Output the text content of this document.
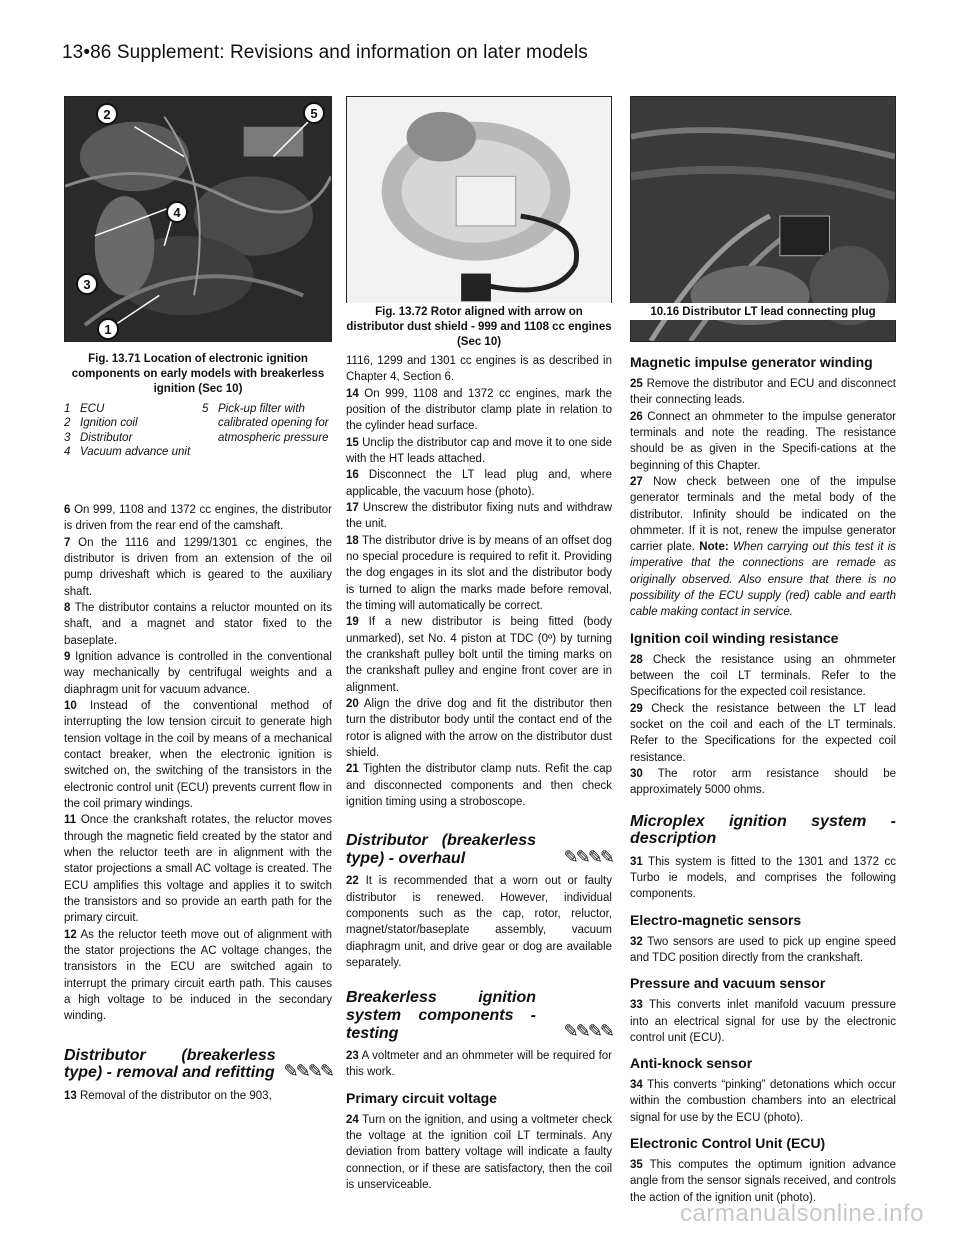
13•86 Supplement: Revisions and information on later models
2	5
4
3
1
Fig. 13.71 Location of electronic ignition components on early models with breakerless ignition (Sec 10)
Fig. 13.72 Rotor aligned with arrow on distributor dust shield - 999 and 1108 cc engines (Sec 10)
10.16 Distributor LT lead connecting plug
1 ECU
2 Ignition coil
3 Distributor
4 Vacuum advance unit
5 Pick-up filter with calibrated opening for atmospheric pressure

6 On 999, 1108 and 1372 cc engines, the distributor is driven from the rear end of the camshaft.

7 On the 1116 and 1299/1301 cc engines, the distributor is driven from an extension of the oil pump driveshaft which is geared to the auxiliary shaft.

8 The distributor contains a reluctor mounted on its shaft, and a magnet and stator fixed to the baseplate.

9 Ignition advance is controlled in the conventional way mechanically by centrifugal weights and a diaphragm unit for vacuum advance.

10 Instead of the conventional method of interrupting the low tension circuit to generate high tension voltage in the coil by means of a mechanical contact breaker, when the electronic ignition is switched on, the switching of the transistors in the electronic control unit (ECU) prevents current flow in the coil primary windings.

11 Once the crankshaft rotates, the reluctor moves through the magnetic field created by the stator and when the reluctor teeth are in alignment with the stator projections a small AC voltage is created. The ECU amplifies this voltage and applies it to switch the transistors and so provide an earth path for the primary circuit.

12 As the reluctor teeth move out of alignment with the stator projections the AC voltage changes, the transistors in the ECU are switched again to interrupt the primary circuit earth path. This causes a high voltage to be induced in the secondary winding.

Distributor (breakerless type) - removal and refitting ✎✎✎✎

13 Removal of the distributor on the 903,

1116, 1299 and 1301 cc engines is as described in Chapter 4, Section 6.

14 On 999, 1108 and 1372 cc engines, mark the position of the distributor clamp plate in relation to the cylinder head surface.

15 Unclip the distributor cap and move it to one side with the HT leads attached.

16 Disconnect the LT lead plug and, where applicable, the vacuum hose (photo).

17 Unscrew the distributor fixing nuts and withdraw the unit.

18 The distributor drive is by means of an offset dog no special procedure is required to refit it. Providing the dog engages in its slot and the distributor body is turned to align the marks made before removal, the timing will automatically be correct.

19 If a new distributor is being fitted (body unmarked), set No. 4 piston at TDC (0º) by turning the crankshaft pulley bolt until the timing marks on the crankshaft pulley and engine front cover are in alignment.

20 Align the drive dog and fit the distributor then turn the distributor body until the contact end of the rotor is aligned with the arrow on the distributor dust shield.

21 Tighten the distributor clamp nuts. Refit the cap and disconnected components and then check ignition timing using a stroboscope.

Distributor (breakerless type) - overhaul	✎✎✎✎

22 It is recommended that a worn out or faulty distributor is renewed. However, individual components such as the cap, rotor, reluctor, magnet/stator/baseplate assembly, vacuum diaphragm unit, and drive gear or dog are available separately.

Breakerless ignition system components - testing	✎✎✎✎

23 A voltmeter and an ohmmeter will be required for this work.

Primary circuit voltage

24 Turn on the ignition, and using a voltmeter check the voltage at the ignition coil LT terminals. Any deviation from battery voltage will indicate a faulty connection, or if these are satisfactory, then the coil is unserviceable.

Magnetic impulse generator winding

25 Remove the distributor and ECU and disconnect their connecting leads.

26 Connect an ohmmeter to the impulse generator terminals and note the reading. The resistance should be as given in the Specifi-cations at the beginning of this Chapter.

27 Now check between one of the impulse generator terminals and the metal body of the distributor. Infinity should be indicated on the ohmmeter. If it is not, renew the impulse generator carrier plate. Note: When carrying out this test it is imperative that the connections are remade as originally observed. Also ensure that there is no possibility of the ECU supply (red) cable and earth cable making contact in service.

Ignition coil winding resistance

28 Check the resistance using an ohmmeter between the coil LT terminals. Refer to the Specifications for the expected coil resistance.

29 Check the resistance between the LT lead socket on the coil and each of the LT terminals. Refer to the Specifications for the expected coil resistance.

30 The rotor arm resistance should be approximately 5000 ohms.

Microplex ignition system - description

31 This system is fitted to the 1301 and 1372 cc Turbo ie models, and comprises the following components.

Electro-magnetic sensors

32 Two sensors are used to pick up engine speed and TDC position directly from the crankshaft.

Pressure and vacuum sensor

33 This converts inlet manifold vacuum pressure into an electrical signal for use by the electronic control unit (ECU).

Anti-knock sensor

34 This converts “pinking” detonations which occur within the combustion chambers into an electrical signal for use by the ECU (photo).

Electronic Control Unit (ECU)

35 This computes the optimum ignition advance angle from the sensor signals received, and controls the action of the ignition unit (photo).

carmanualsonline.info
